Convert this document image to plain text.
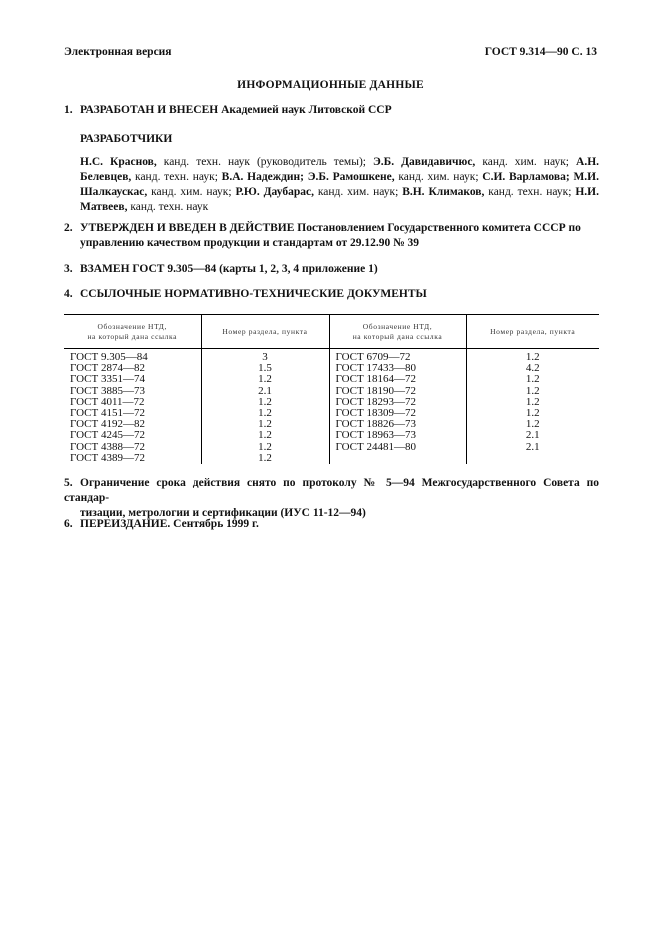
Электронная версия	ГОСТ 9.314—90 С. 13
ИНФОРМАЦИОННЫЕ ДАННЫЕ
1. РАЗРАБОТАН И ВНЕСЕН Академией наук Литовской ССР
РАЗРАБОТЧИКИ
Н.С. Краснов, канд. техн. наук (руководитель темы); Э.Б. Давидавичюс, канд. хим. наук; А.Н. Белевцев, канд. техн. наук; В.А. Надеждин; Э.Б. Рамошкене, канд. хим. наук; С.И. Варламова; М.И. Шалкаускас, канд. хим. наук; Р.Ю. Даубарас, канд. хим. наук; В.Н. Климаков, канд. техн. наук; Н.И. Матвеев, канд. техн. наук
2. УТВЕРЖДЕН И ВВЕДЕН В ДЕЙСТВИЕ Постановлением Государственного комитета СССР по
управлению качеством продукции и стандартам от 29.12.90 № 39
3. ВЗАМЕН ГОСТ 9.305—84 (карты 1, 2, 3, 4 приложение 1)
4. ССЫЛОЧНЫЕ НОРМАТИВНО-ТЕХНИЧЕСКИЕ ДОКУМЕНТЫ
Обозначение НТД,
на который дана ссылка	Номер раздела, пункта	Обозначение НТД,
на который дана ссылка	Номер раздела, пункта
ГОСТ 9.305—84	3	ГОСТ 6709—72	1.2
ГОСТ 2874—82	1.5	ГОСТ 17433—80	4.2
ГОСТ 3351—74	1.2	ГОСТ 18164—72	1.2
ГОСТ 3885—73	2.1	ГОСТ 18190—72	1.2
ГОСТ 4011—72	1.2	ГОСТ 18293—72	1.2
ГОСТ 4151—72	1.2	ГОСТ 18309—72	1.2
ГОСТ 4192—82	1.2	ГОСТ 18826—73	1.2
ГОСТ 4245—72	1.2	ГОСТ 18963—73	2.1
ГОСТ 4388—72	1.2	ГОСТ 24481—80	2.1
ГОСТ 4389—72	1.2		
5. Ограничение срока действия снято по протоколу № 5—94 Межгосударственного Совета по стандар-
тизации, метрологии и сертификации (ИУС 11-12—94)
6. ПЕРЕИЗДАНИЕ. Сентябрь 1999 г.
